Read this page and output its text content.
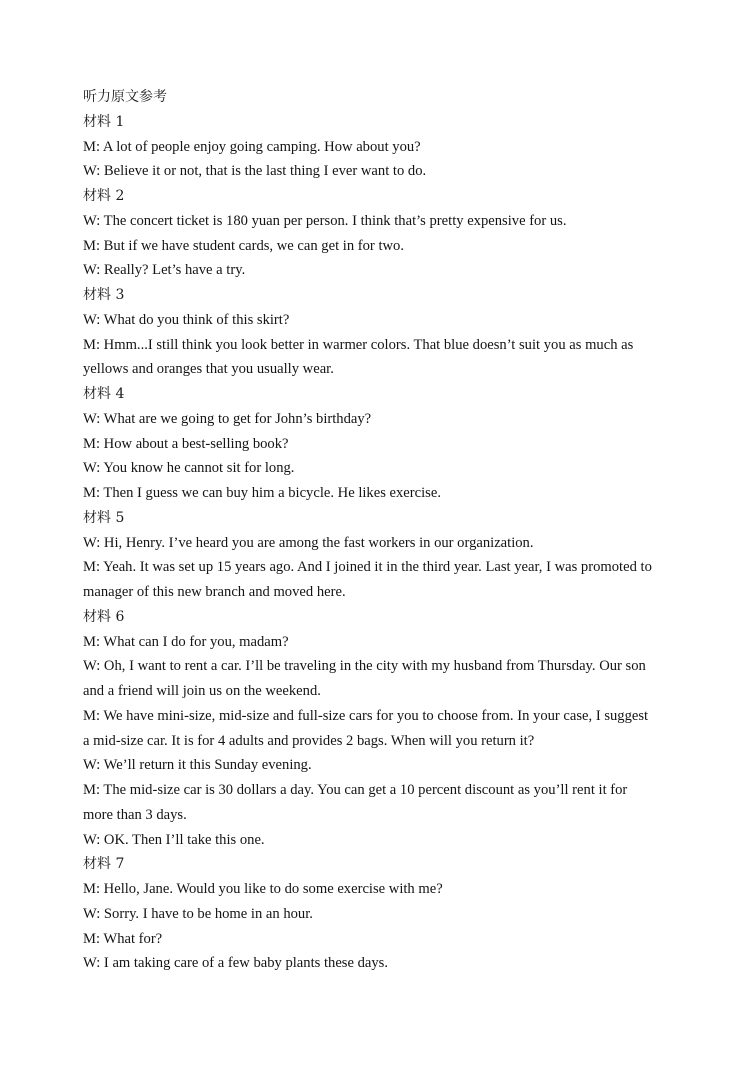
听力原文参考
材料 1
M: A lot of people enjoy going camping. How about you?
W: Believe it or not, that is the last thing I ever want to do.
材料 2
W: The concert ticket is 180 yuan per person. I think that’s pretty expensive for us.
M: But if we have student cards, we can get in for two.
W: Really? Let’s have a try.
材料 3
W: What do you think of this skirt?
M: Hmm...I still think you look better in warmer colors. That blue doesn’t suit you as much as
yellows and oranges that you usually wear.
材料 4
W: What are we going to get for John’s birthday?
M: How about a best-selling book?
W: You know he cannot sit for long.
M: Then I guess we can buy him a bicycle. He likes exercise.
材料 5
W: Hi, Henry. I’ve heard you are among the fast workers in our organization.
M: Yeah. It was set up 15 years ago. And I joined it in the third year. Last year, I was promoted to
manager of this new branch and moved here.
材料 6
M: What can I do for you, madam?
W: Oh, I want to rent a car. I’ll be traveling in the city with my husband from Thursday. Our son
and a friend will join us on the weekend.
M: We have mini-size, mid-size and full-size cars for you to choose from. In your case, I suggest
a mid-size car. It is for 4 adults and provides 2 bags. When will you return it?
W: We’ll return it this Sunday evening.
M: The mid-size car is 30 dollars a day. You can get a 10 percent discount as you’ll rent it for
more than 3 days.
W: OK. Then I’ll take this one.
材料 7
M: Hello, Jane. Would you like to do some exercise with me?
W: Sorry. I have to be home in an hour.
M: What for?
W: I am taking care of a few baby plants these days.
